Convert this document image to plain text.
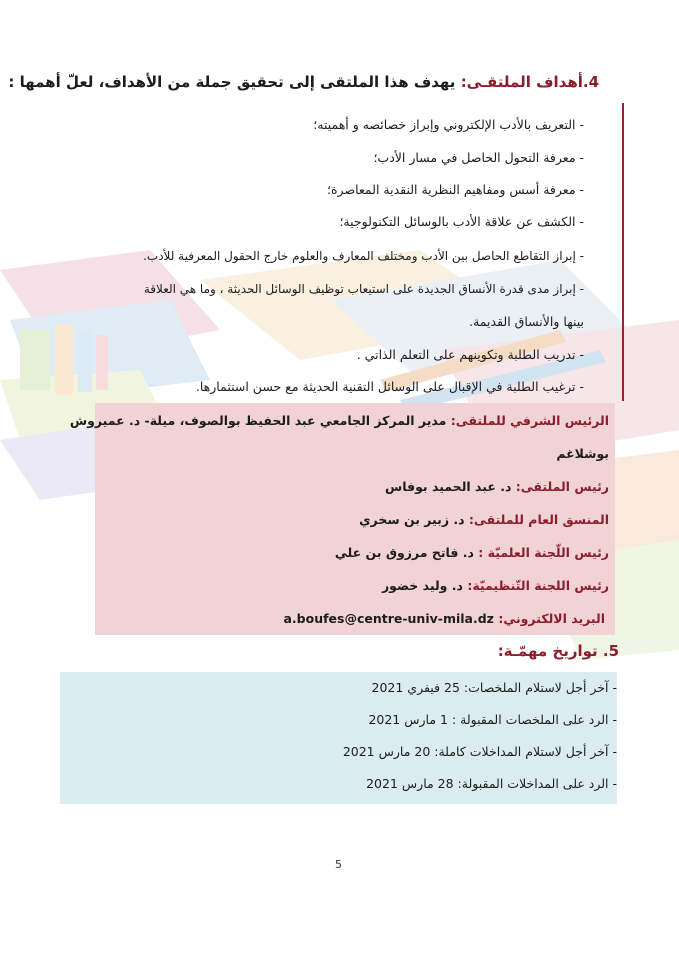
4.أهداف الملتقـى: يهدف هذا الملتقى إلى تحقيق جملة من الأهداف، لعلّ أهمها :
- التعريف بالأدب الإلكتروني وإبراز خصائصه و أهميته؛
- معرفة التحول الحاصل في مسار الأدب؛
- معرفة أسس ومفاهيم النظرية النقدية المعاصرة؛
- الكشف عن علاقة الأدب بالوسائل التكنولوجية؛
- إبراز التقاطع الحاصل بين الأدب ومختلف المعارف والعلوم خارج الحقول المعرفية للأدب.
- إبراز مدى قدرة الأنساق الجديدة على استيعاب توظيف الوسائل الحديثة ، وما هي العلاقة
بينها والأنساق القديمة.
- تدريب الطلبة وتكوينهم على التعلم الذاتي .
- ترغيب الطلبة في الإقبال على الوسائل التقنية الحديثة مع حسن استثمارها.
الرئيس الشرفي للملتقى: مدير المركز الجامعي عبد الحفيظ بوالصوف، ميلة- د. عميروش
بوشلاغم
رئيس الملتقى: د. عبد الحميد بوفاس
المنسق العام للملتقى: د. زبير بن سخري
رئيس اللّجنة العلميّة : د. فاتح مرزوق بن علي
رئيس اللجنة التّنظيميّة: د. وليد خضور
البريد الالكتروني: a.boufes@centre-univ-mila.dz
5. تواريخ مهمّـة:
- آخر أجل لاستلام الملخصات: 25 فيفري 2021
- الرد على الملخصات المقبولة : 1 مارس 2021
- آخر أجل لاستلام المداخلات كاملة: 20 مارس 2021
- الرد على المداخلات المقبولة: 28 مارس 2021
5
